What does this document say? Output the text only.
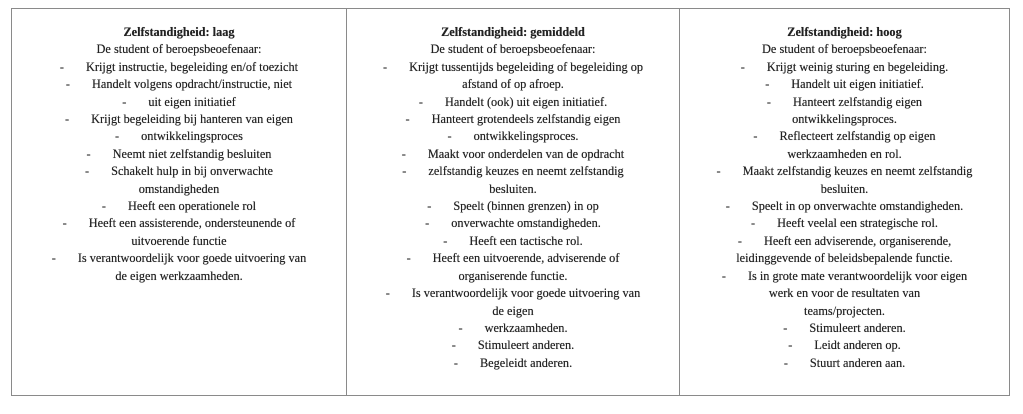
Zelfstandigheid: laag
De student of beroepsbeoefenaar:
- Krijgt instructie, begeleiding en/of toezicht
- Handelt volgens opdracht/instructie, niet
- uit eigen initiatief
- Krijgt begeleiding bij hanteren van eigen
- ontwikkelingsproces
- Neemt niet zelfstandig besluiten
- Schakelt hulp in bij onverwachte
omstandigheden
- Heeft een operationele rol
- Heeft een assisterende, ondersteunende of
uitvoerende functie
- Is verantwoordelijk voor goede uitvoering van
de eigen werkzaamheden.
Zelfstandigheid: gemiddeld
De student of beroepsbeoefenaar:
- Krijgt tussentijds begeleiding of begeleiding op
afstand of op afroep.
- Handelt (ook) uit eigen initiatief.
- Hanteert grotendeels zelfstandig eigen
- ontwikkelingsproces.
- Maakt voor onderdelen van de opdracht
- zelfstandig keuzes en neemt zelfstandig
besluiten.
- Speelt (binnen grenzen) in op
- onverwachte omstandigheden.
- Heeft een tactische rol.
- Heeft een uitvoerende, adviserende of
organiserende functie.
- Is verantwoordelijk voor goede uitvoering van
de eigen
- werkzaamheden.
- Stimuleert anderen.
- Begeleidt anderen.
Zelfstandigheid: hoog
De student of beroepsbeoefenaar:
- Krijgt weinig sturing en begeleiding.
- Handelt uit eigen initiatief.
- Hanteert zelfstandig eigen
ontwikkelingsproces.
- Reflecteert zelfstandig op eigen
werkzaamheden en rol.
- Maakt zelfstandig keuzes en neemt zelfstandig
besluiten.
- Speelt in op onverwachte omstandigheden.
- Heeft veelal een strategische rol.
- Heeft een adviserende, organiserende,
leidinggevende of beleidsbepalende functie.
- Is in grote mate verantwoordelijk voor eigen
werk en voor de resultaten van
teams/projecten.
- Stimuleert anderen.
- Leidt anderen op.
- Stuurt anderen aan.
